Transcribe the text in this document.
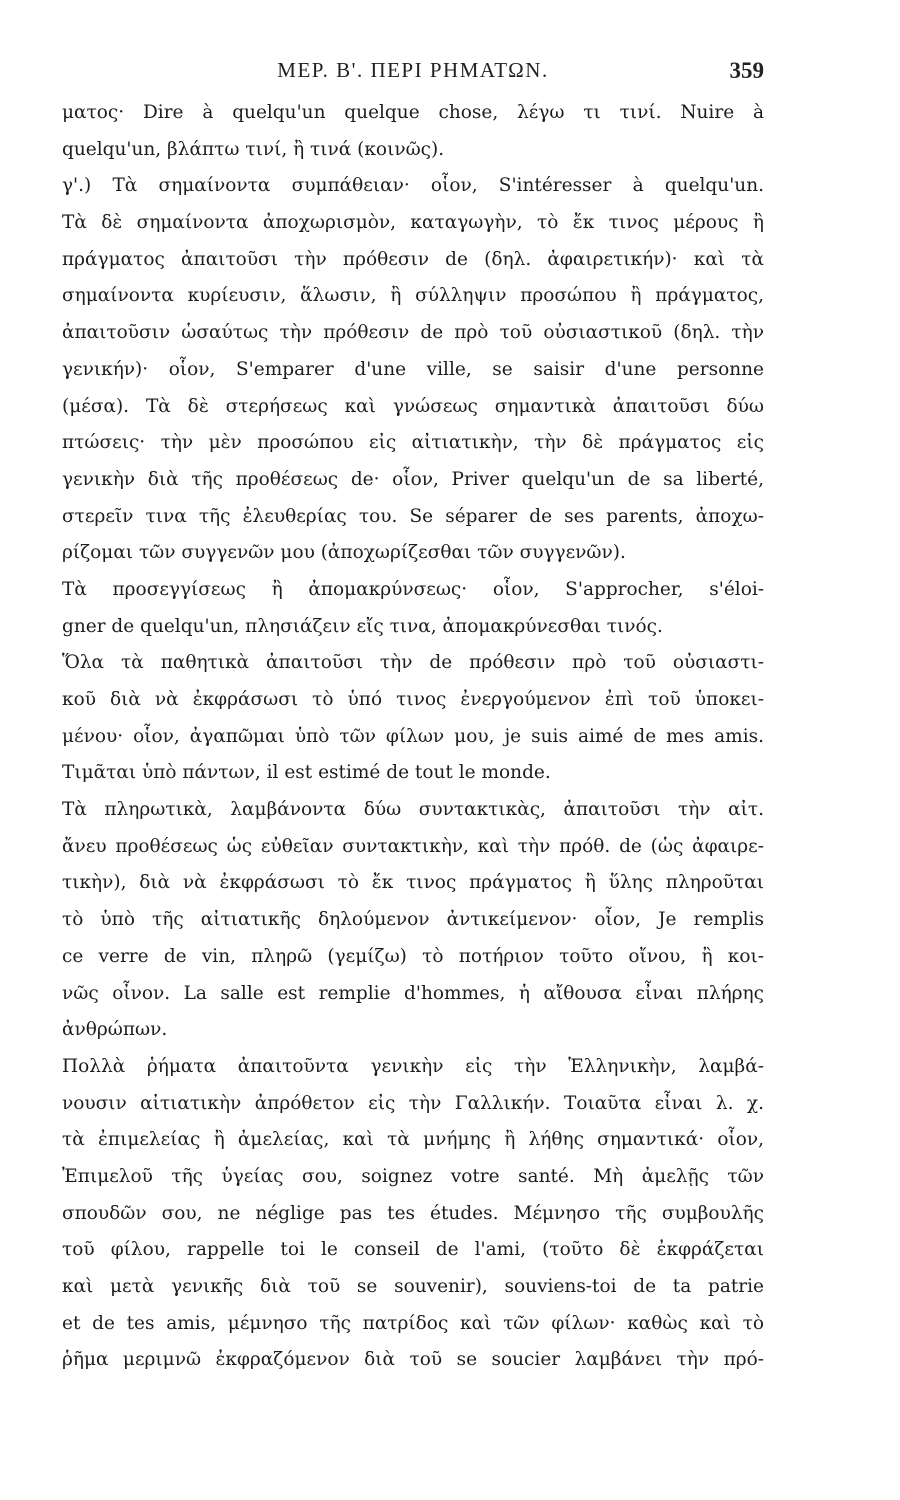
ΜΕΡ. Β'. ΠΕΡΙ ΡΗΜΑΤΩΝ.	359
ματος· Dire à quelqu'un quelque chose, λέγω τι τινί. Nuire à
quelqu'un, βλάπτω τινί, ἢ τινά (κοινῶς).
γ'.) Τὰ σημαίνοντα συμπάθειαν· οἷον, S'intéresser à quelqu'un.
Τὰ δὲ σημαίνοντα ἀποχωρισμὸν, καταγωγὴν, τὸ ἔκ τινος μέρους ἢ
πράγματος ἀπαιτοῦσι τὴν πρόθεσιν de (δηλ. ἀφαιρετικήν)· καὶ τὰ
σημαίνοντα κυρίευσιν, ἅλωσιν, ἢ σύλληψιν προσώπου ἢ πράγματος,
ἀπαιτοῦσιν ὡσαύτως τὴν πρόθεσιν de πρὸ τοῦ οὐσιαστικοῦ (δηλ. τὴν
γενικήν)· οἷον, S'emparer d'une ville, se saisir d'une personne
(μέσα). Τὰ δὲ στερήσεως καὶ γνώσεως σημαντικὰ ἀπαιτοῦσι δύω
πτώσεις· τὴν μὲν προσώπου εἰς αἰτιατικὴν, τὴν δὲ πράγματος εἰς
γενικὴν διὰ τῆς προθέσεως de· οἷον, Priver quelqu'un de sa liberté,
στερεῖν τινα τῆς ἐλευθερίας του. Se séparer de ses parents, ἀποχω-
ρίζομαι τῶν συγγενῶν μου (ἀποχωρίζεσθαι τῶν συγγενῶν).
Τὰ προσεγγίσεως ἢ ἀπομακρύνσεως· οἷον, S'approcher, s'éloi-
gner de quelqu'un, πλησιάζειν εἴς τινα, ἀπομακρύνεσθαι τινός.
Ὅλα τὰ παθητικὰ ἀπαιτοῦσι τὴν de πρόθεσιν πρὸ τοῦ οὐσιαστι-
κοῦ διὰ νὰ ἐκφράσωσι τὸ ὑπό τινος ἐνεργούμενον ἐπὶ τοῦ ὑποκει-
μένου· οἷον, ἀγαπῶμαι ὑπὸ τῶν φίλων μου, je suis aimé de mes amis.
Τιμᾶται ὑπὸ πάντων, il est estimé de tout le monde.
Τὰ πληρωτικὰ, λαμβάνοντα δύω συντακτικὰς, ἀπαιτοῦσι τὴν αἰτ.
ἄνευ προθέσεως ὡς εὐθεῖαν συντακτικὴν, καὶ τὴν πρόθ. de (ὡς ἀφαιρε-
τικὴν), διὰ νὰ ἐκφράσωσι τὸ ἔκ τινος πράγματος ἢ ὕλης πληροῦται
τὸ ὑπὸ τῆς αἰτιατικῆς δηλούμενον ἀντικείμενον· οἷον, Je remplis
ce verre de vin, πληρῶ (γεμίζω) τὸ ποτήριον τοῦτο οἴνου, ἢ κοι-
νῶς οἶνον. La salle est remplie d'hommes, ἡ αἴθουσα εἶναι πλήρης
ἀνθρώπων.
Πολλὰ ῥήματα ἀπαιτοῦντα γενικὴν εἰς τὴν Ἑλληνικὴν, λαμβά-
νουσιν αἰτιατικὴν ἀπρόθετον εἰς τὴν Γαλλικήν. Τοιαῦτα εἶναι λ. χ.
τὰ ἐπιμελείας ἢ ἀμελείας, καὶ τὰ μνήμης ἢ λήθης σημαντικά· οἷον,
Ἐπιμελοῦ τῆς ὑγείας σου, soignez votre santé. Μὴ ἀμελῇς τῶν
σπουδῶν σου, ne néglige pas tes études. Μέμνησο τῆς συμβουλῆς
τοῦ φίλου, rappelle toi le conseil de l'ami, (τοῦτο δὲ ἐκφράζεται
καὶ μετὰ γενικῆς διὰ τοῦ se souvenir), souviens-toi de ta patrie
et de tes amis, μέμνησο τῆς πατρίδος καὶ τῶν φίλων· καθὼς καὶ τὸ
ῥῆμα μεριμνῶ ἐκφραζόμενον διὰ τοῦ se soucier λαμβάνει τὴν πρό-
